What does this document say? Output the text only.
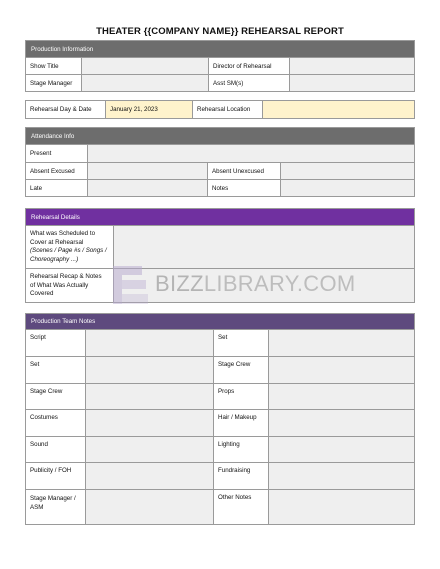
THEATER {{COMPANY NAME}} REHEARSAL REPORT
Production Information			
Show Title		Director of Rehearsal	
Stage Manager		Asst SM(s)	
Rehearsal Day & Date	January 21, 2023	Rehearsal Location	
Attendance Info			
Present			
Absent Excused		Absent Unexcused	
Late		Notes	
Rehearsal Details	

What was Scheduled to
Cover at Rehearsal
(Scenes / Page #s / Songs /
Choreography ...)	

Rehearsal Recap & Notes
of What Was Actually
Covered	

Production Team Notes			
Script		Set	
Set		Stage Crew	
Stage Crew		Props	
Costumes		Hair / Makeup	
Sound		Lighting	
Publicity / FOH		Fundraising	

Stage Manager /
ASM		Other Notes	
BIZZLIBRARY.COM
